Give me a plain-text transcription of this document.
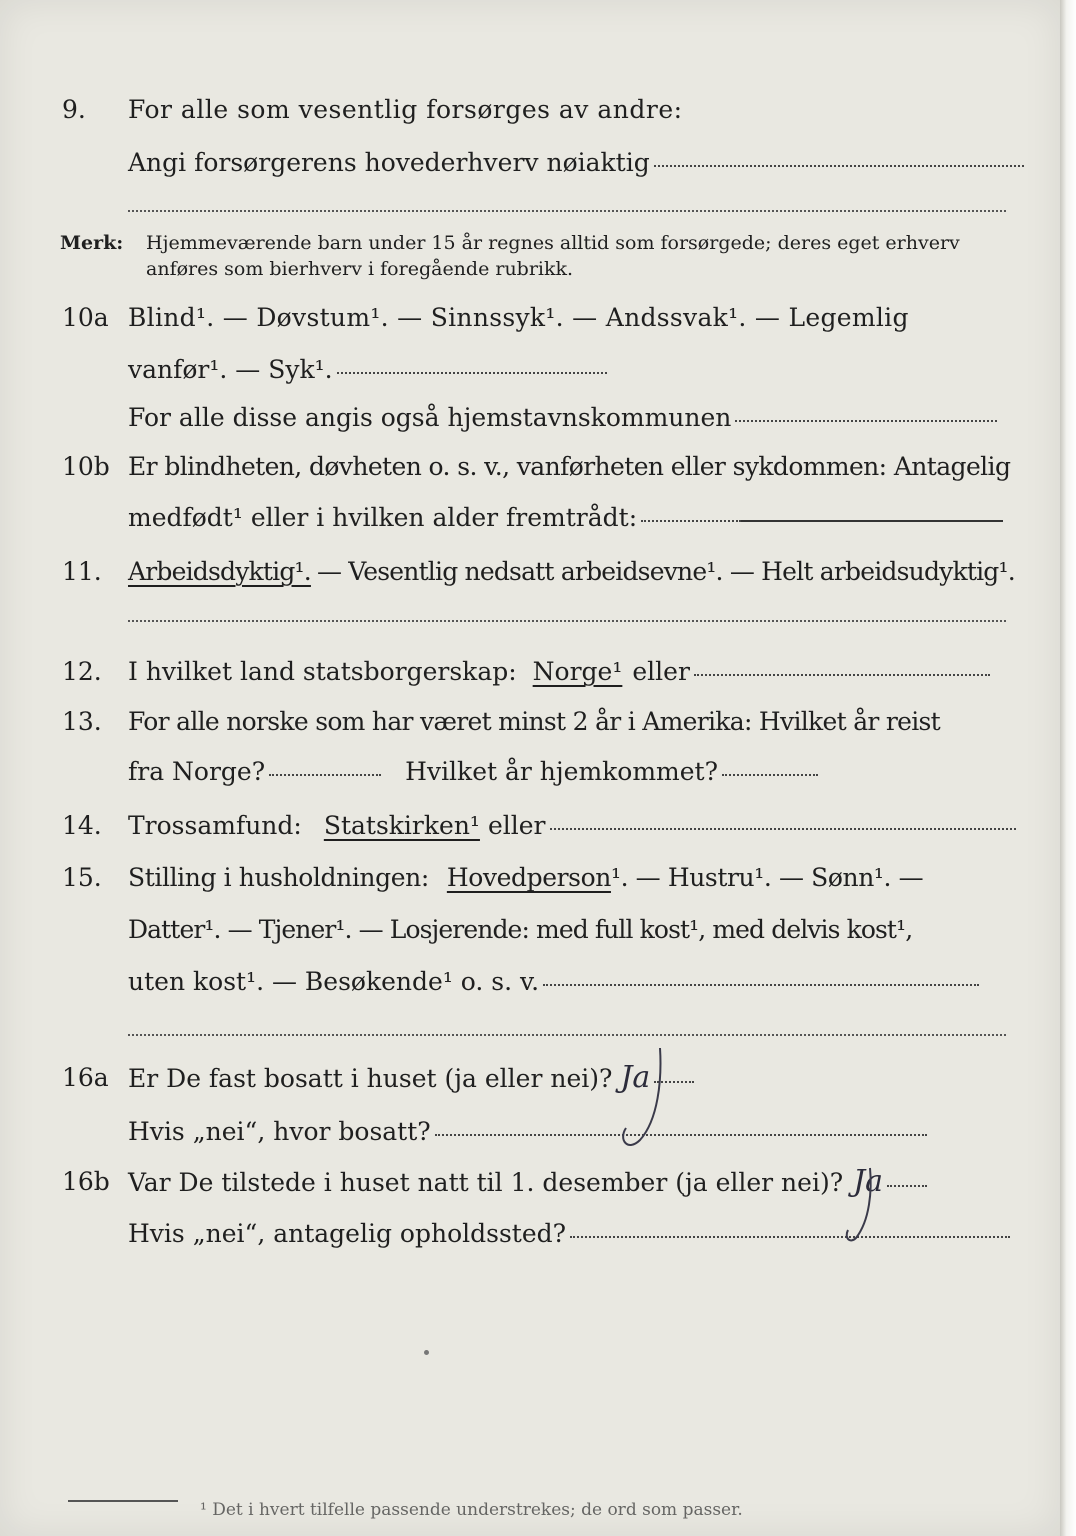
9.	For alle som vesentlig forsørges av andre:
Angi forsørgerens hovederhverv nøiaktig
Merk: Hjemmeværende barn under 15 år regnes alltid som forsørgede; deres eget erhverv
anføres som bierhverv i foregående rubrikk.
10a Blind¹. — Døvstum¹. — Sinnssyk¹. — Andssvak¹. — Legemlig
vanfør¹. — Syk¹.
For alle disse angis også hjemstavnskommunen
10b Er blindheten, døvheten o. s. v., vanførheten eller sykdommen: Antagelig
medfødt¹ eller i hvilken alder fremtrådt:
11.	Arbeidsdyktig¹. — Vesentlig nedsatt arbeidsevne¹. — Helt arbeidsudyktig¹.
12.	I hvilket land statsborgerskap: Norge¹ eller
13.	For alle norske som har været minst 2 år i Amerika: Hvilket år reist
fra Norge?	Hvilket år hjemkommet?
14.	Trossamfund: Statskirken¹ eller
15.	Stilling i husholdningen: Hovedperson ¹. — Hustru¹. — Sønn¹. —
Datter¹. — Tjener¹. — Losjerende: med full kost¹, med delvis kost¹,
uten kost¹. — Besøkende¹ o. s. v.
16a Er De fast bosatt i huset (ja eller nei)? Ja
Hvis „nei“, hvor bosatt?
16b Var De tilstede i huset natt til 1. desember (ja eller nei)? Ja
Hvis „nei“, antagelig opholdssted?
¹ Det i hvert tilfelle passende understrekes; de ord som passer.
